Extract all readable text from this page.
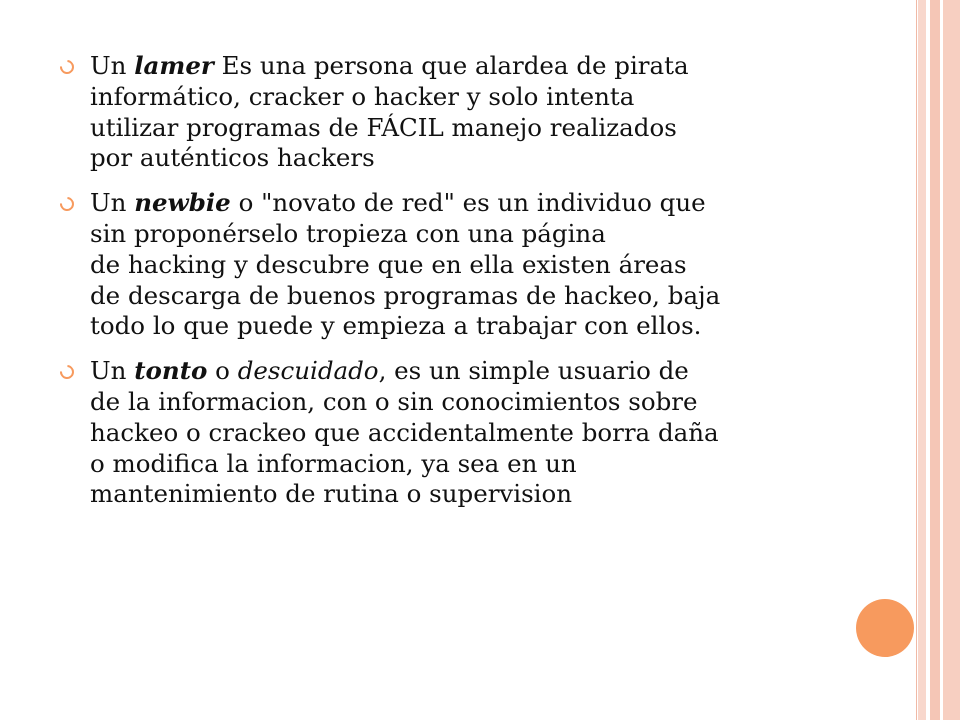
Un lamer Es una persona que alardea de pirata
informático, cracker o hacker y solo intenta
utilizar programas de FÁCIL manejo realizados
por auténticos hackers
Un newbie o "novato de red" es un individuo que
sin proponérselo tropieza con una página
de hacking y descubre que en ella existen áreas
de descarga de buenos programas de hackeo, baja
todo lo que puede y empieza a trabajar con ellos.
Un tonto o descuidado, es un simple usuario de
de la informacion, con o sin conocimientos sobre
hackeo o crackeo que accidentalmente borra daña
o modifica la informacion, ya sea en un
mantenimiento de rutina o supervision
